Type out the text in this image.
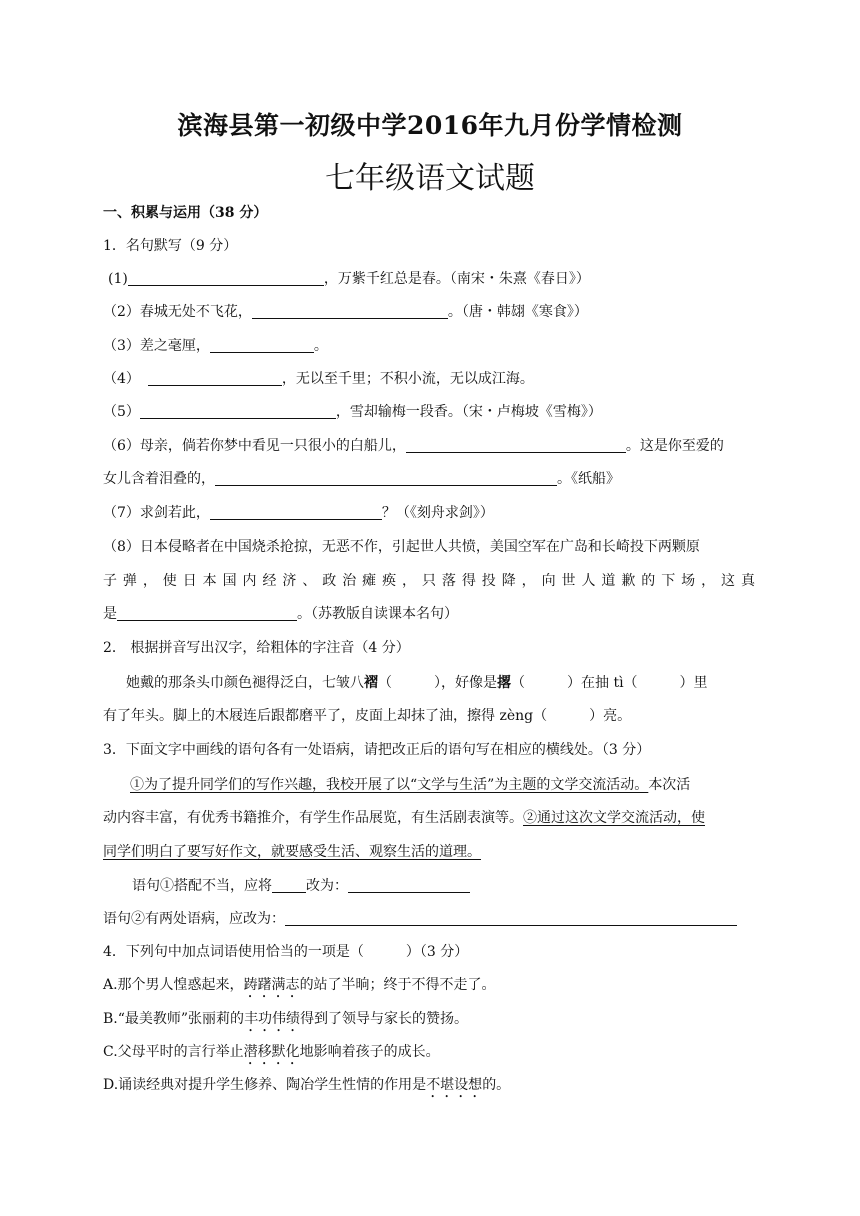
滨海县第一初级中学2016年九月份学情检测
七年级语文试题
一、积累与运用（38 分）
1．名句默写（9 分）
(1)	，万紫千红总是春。（南宋・朱熹《春日》）
（2）春城无处不飞花，	。（唐・韩翃《寒食》）
（3）差之毫厘，	。
（4）	，无以至千里；不积小流，无以成江海。
（5）	，雪却输梅一段香。（宋・卢梅坡《雪梅》）
（6）母亲，倘若你梦中看见一只很小的白船儿，	。这是你至爱的
女儿含着泪叠的，	。《纸船》
（7）求剑若此，	？（《刻舟求剑》）
（8）日本侵略者在中国烧杀抢掠，无恶不作，引起世人共愤，美国空军在广岛和长崎投下两颗原
子弹，使日本国内经济、政治瘫痪，只落得投降，向世人道歉的下场，这真
是	。（苏教版自读课本名句）
2． 根据拼音写出汉字，给粗体的字注音（4 分）
她戴的那条头巾颜色褪得泛白，七皱八褶（　　　），好像是撂（　　　）在抽 tì（　　　）里
有了年头。脚上的木屐连后跟都磨平了，皮面上却抹了油，擦得 zèng（　　　）亮。
3．下面文字中画线的语句各有一处语病，请把改正后的语句写在相应的横线处。（3 分）
①为了提升同学们的写作兴趣，我校开展了以“文学与生活”为主题的文学交流活动。本次活
动内容丰富，有优秀书籍推介，有学生作品展览，有生活剧表演等。②通过这次文学交流活动，使
同学们明白了要写好作文，就要感受生活、观察生活的道理。
语句①搭配不当，应将 改为：
语句②有两处语病，应改为：
4．下列句中加点词语使用恰当的一项是（　　　）（3 分）
A.那个男人惶惑起来，踌躇满志的站了半晌；终于不得不走了。
B.“最美教师”张丽莉的丰功伟绩得到了领导与家长的赞扬。
C.父母平时的言行举止潜移默化地影响着孩子的成长。
D.诵读经典对提升学生修养、陶冶学生性情的作用是不堪设想的。
